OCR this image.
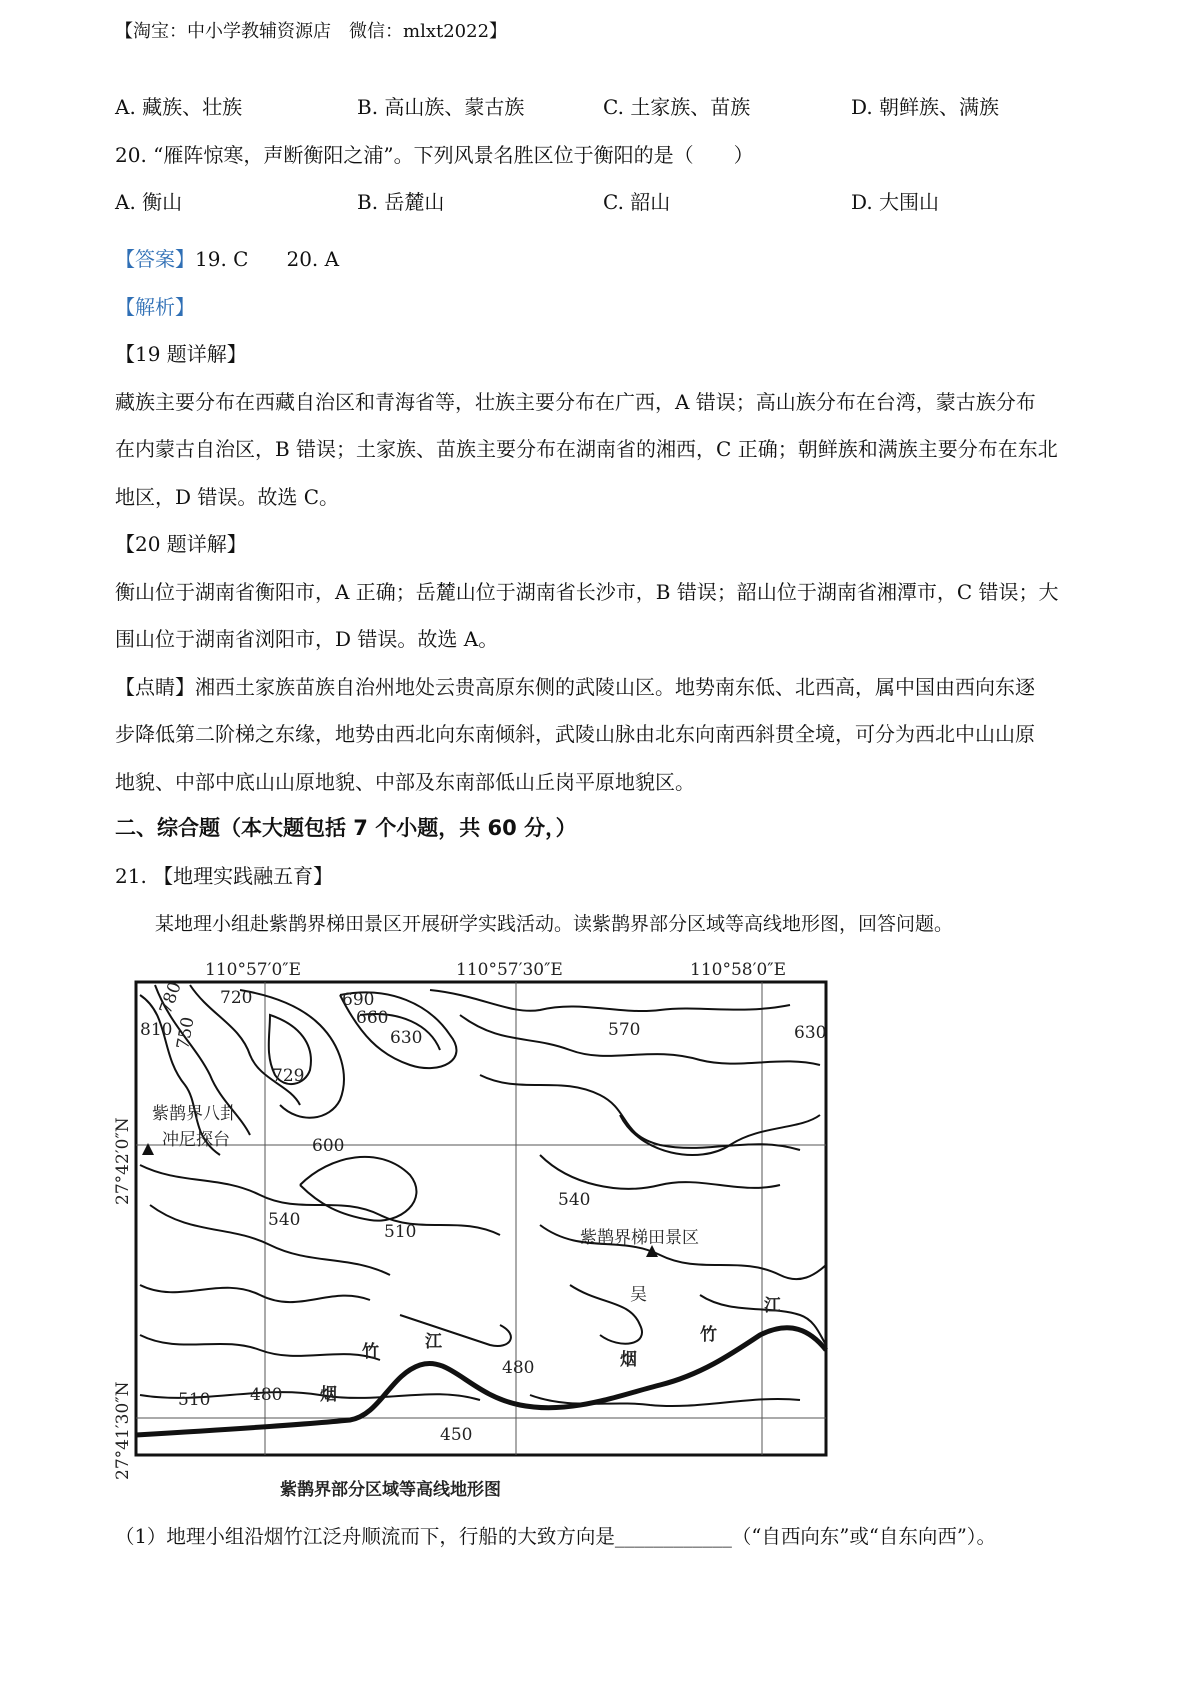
【淘宝：中小学教辅资源店　微信：mlxt2022】
A. 藏族、壮族	B. 高山族、蒙古族	C. 土家族、苗族	D. 朝鲜族、满族
20. “雁阵惊寒，声断衡阳之浦”。下列风景名胜区位于衡阳的是（　　）
A. 衡山	B. 岳麓山	C. 韶山	D. 大围山
【答案】19. C 20. A
【解析】
【19 题详解】
藏族主要分布在西藏自治区和青海省等，壮族主要分布在广西，A 错误；高山族分布在台湾，蒙古族分布
在内蒙古自治区，B 错误；土家族、苗族主要分布在湖南省的湘西，C 正确；朝鲜族和满族主要分布在东北
地区，D 错误。故选 C。
【20 题详解】
衡山位于湖南省衡阳市，A 正确；岳麓山位于湖南省长沙市，B 错误；韶山位于湖南省湘潭市，C 错误；大
围山位于湖南省浏阳市，D 错误。故选 A。
【点睛】湘西土家族苗族自治州地处云贵高原东侧的武陵山区。地势南东低、北西高，属中国由西向东逐
步降低第二阶梯之东缘，地势由西北向东南倾斜，武陵山脉由北东向南西斜贯全境，可分为西北中山山原
地貌、中部中底山山原地貌、中部及东南部低山丘岗平原地貌区。
二、综合题（本大题包括 7 个小题，共 60 分，）
21. 【地理实践融五育】
某地理小组赴紫鹊界梯田景区开展研学实践活动。读紫鹊界部分区域等高线地形图，回答问题。
110°57′0″E	110°57′30″E	110°58′0″E
27°42′0″N
27°41′30″N
780 720
810 750
690
660
630
729
570	630
600
540
540
510
480
480
510
450
紫鹊界八卦
冲尼探台
紫鹊界梯田景区
吴
竹	江
烟
江
竹
烟
紫鹊界部分区域等高线地形图
（1）地理小组沿烟竹江泛舟顺流而下，行船的大致方向是____________（“自西向东”或“自东向西”）。
